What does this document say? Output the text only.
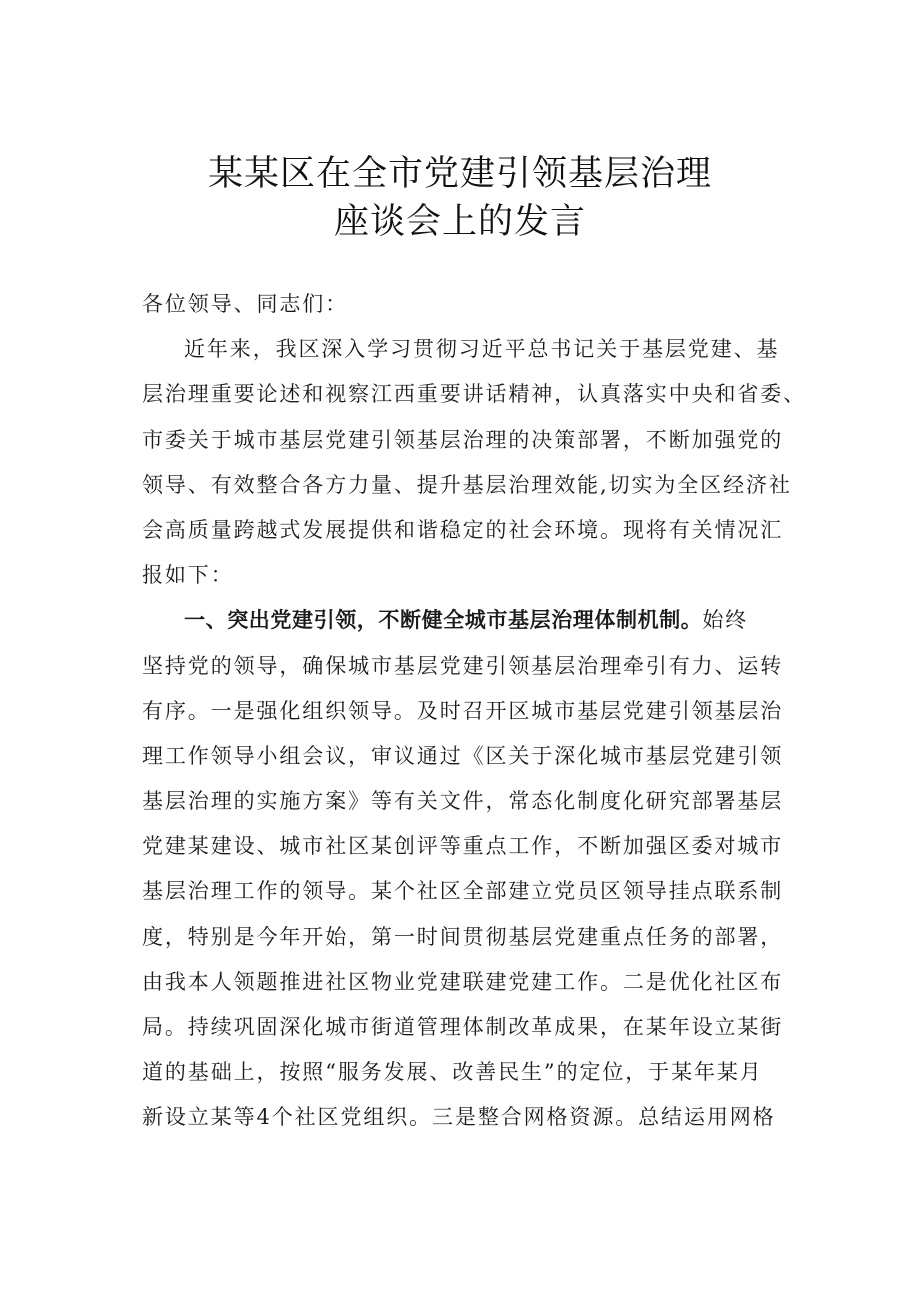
某某区在全市党建引领基层治理
座谈会上的发言
各位领导、同志们：
近年来，我区深入学习贯彻习近平总书记关于基层党建、基
层治理重要论述和视察江西重要讲话精神，认真落实中央和省委、
市委关于城市基层党建引领基层治理的决策部署，不断加强党的
领导、有效整合各方力量、提升基层治理效能,切实为全区经济社
会高质量跨越式发展提供和谐稳定的社会环境。现将有关情况汇
报如下：
一、突出党建引领，不断健全城市基层治理体制机制。始终
坚持党的领导，确保城市基层党建引领基层治理牵引有力、运转
有序。一是强化组织领导。及时召开区城市基层党建引领基层治
理工作领导小组会议，审议通过《区关于深化城市基层党建引领
基层治理的实施方案》等有关文件，常态化制度化研究部署基层
党建某建设、城市社区某创评等重点工作，不断加强区委对城市
基层治理工作的领导。某个社区全部建立党员区领导挂点联系制
度，特别是今年开始，第一时间贯彻基层党建重点任务的部署，
由我本人领题推进社区物业党建联建党建工作。二是优化社区布
局。持续巩固深化城市街道管理体制改革成果，在某年设立某街
道的基础上，按照“服务发展、改善民生”的定位，于某年某月
新设立某等4个社区党组织。三是整合网格资源。总结运用网格
